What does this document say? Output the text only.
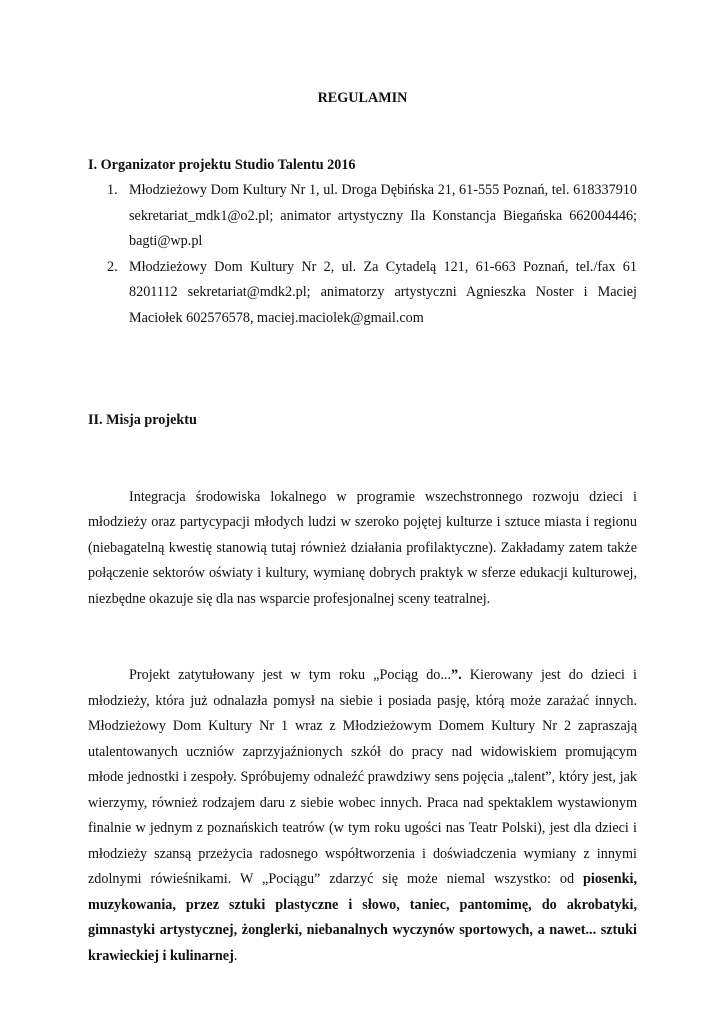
REGULAMIN

I. Organizator projektu Studio Talentu 2016

1. Młodzieżowy Dom Kultury Nr 1, ul. Droga Dębińska 21, 61-555 Poznań, tel. 618337910 sekretariat_mdk1@o2.pl; animator artystyczny Ila Konstancja Biegańska 662004446; bagti@wp.pl
2. Młodzieżowy Dom Kultury Nr 2, ul. Za Cytadelą 121, 61-663 Poznań, tel./fax 61 8201112 sekretariat@mdk2.pl; animatorzy artystyczni Agnieszka Noster i Maciej Maciołek 602576578, maciej.maciolek@gmail.com

II. Misja projektu

Integracja środowiska lokalnego w programie wszechstronnego rozwoju dzieci i młodzieży oraz partycypacji młodych ludzi w szeroko pojętej kulturze i sztuce miasta i regionu (niebagatelną kwestię stanowią tutaj również działania profilaktyczne). Zakładamy zatem także połączenie sektorów oświaty i kultury, wymianę dobrych praktyk w sferze edukacji kulturowej, niezbędne okazuje się dla nas wsparcie profesjonalnej sceny teatralnej.

Projekt zatytułowany jest w tym roku „Pociąg do...”. Kierowany jest do dzieci i młodzieży, która już odnalazła pomysł na siebie i posiada pasję, którą może zarażać innych. Młodzieżowy Dom Kultury Nr 1 wraz z Młodzieżowym Domem Kultury Nr 2 zapraszają utalentowanych uczniów zaprzyjaźnionych szkół do pracy nad widowiskiem promującym młode jednostki i zespoły. Spróbujemy odnaleźć prawdziwy sens pojęcia „talent”, który jest, jak wierzymy, również rodzajem daru z siebie wobec innych. Praca nad spektaklem wystawionym finalnie w jednym z poznańskich teatrów (w tym roku ugości nas Teatr Polski), jest dla dzieci i młodzieży szansą przeżycia radosnego współtworzenia i doświadczenia wymiany z innymi zdolnymi rówieśnikami. W „Pociągu” zdarzyć się może niemal wszystko: od piosenki, muzykowania, przez sztuki plastyczne i słowo, taniec, pantomimę, do akrobatyki, gimnastyki artystycznej, żonglerki, niebanalnych wyczynów sportowych, a nawet... sztuki krawieckiej i kulinarnej.
